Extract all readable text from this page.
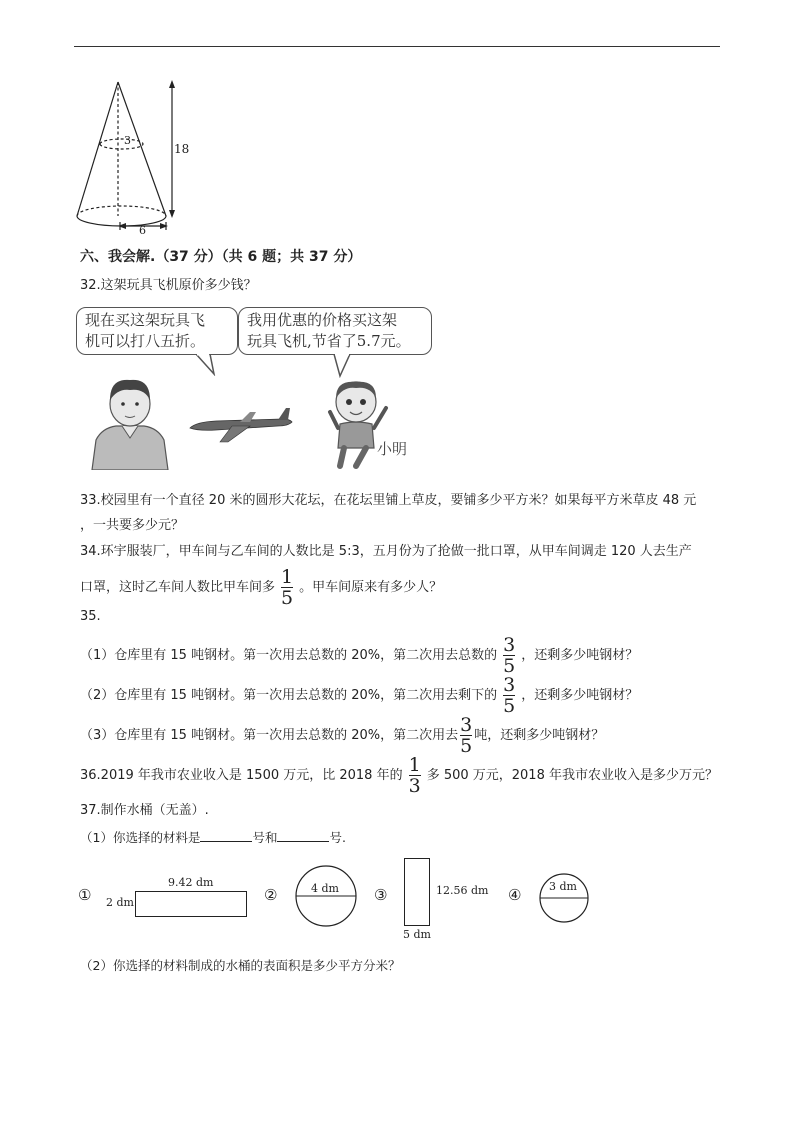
18
3
6
六、我会解.（37 分）（共 6 题；共 37 分）
32.这架玩具飞机原价多少钱？
现在买这架玩具飞
机可以打八五折。
我用优惠的价格买这架
玩具飞机,节省了5.7元。
小明
33.校园里有一个直径 20 米的圆形大花坛，在花坛里铺上草皮，要铺多少平方米？如果每平方米草皮 48 元
，一共要多少元？
34.环宇服装厂，甲车间与乙车间的人数比是 5:3，五月份为了抢做一批口罩，从甲车间调走 120 人去生产
口罩，这时乙车间人数比甲车间多 $\frac{1}{5}$ 。甲车间原来有多少人？
35.
（1）仓库里有 15 吨钢材。第一次用去总数的 20%，第二次用去总数的 $\frac{3}{5}$ ，还剩多少吨钢材？
（2）仓库里有 15 吨钢材。第一次用去总数的 20%，第二次用去剩下的 $\frac{3}{5}$ ，还剩多少吨钢材？
（3）仓库里有 15 吨钢材。第一次用去总数的 20%，第二次用去 $\frac{3}{5}$ 吨，还剩多少吨钢材？
36.2019 年我市农业收入是 1500 万元，比 2018 年的 $\frac{1}{3}$ 多 500 万元，2018 年我市农业收入是多少万元？
37.制作水桶（无盖）.
（1）你选择的材料是	号和	号.
① 2 dm
9.42 dm
②	4 dm ③	12.56 dm
5 dm
④	3 dm
（2）你选择的材料制成的水桶的表面积是多少平方分米？
